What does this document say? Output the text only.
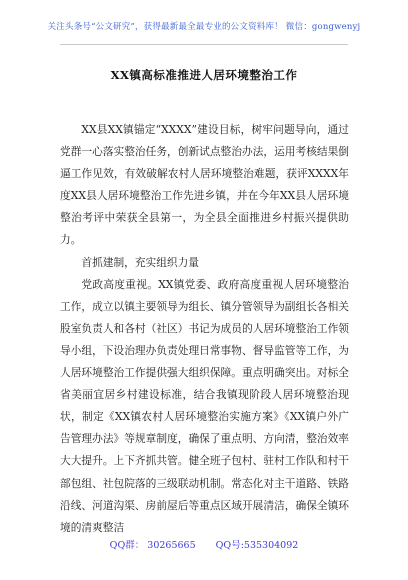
关注头条号“公文研究”，获得最新最全最专业的公文资料库！ 微信：gongwenyj
XX镇高标准推进人居环境整治工作

XX县XX镇锚定“XXXX”建设目标，树牢问题导向，通过党群一心落实整治任务，创新试点整治办法，运用考核结果倒逼工作见效，有效破解农村人居环境整治难题，获评XXXX年度XX县人居环境整治工作先进乡镇，并在今年XX县人居环境整治考评中荣获全县第一，为全县全面推进乡村振兴提供助力。

首抓建制，充实组织力量

党政高度重视。XX镇党委、政府高度重视人居环境整治工作，成立以镇主要领导为组长、镇分管领导为副组长各相关股室负责人和各村（社区）书记为成员的人居环境整治工作领导小组，下设治理办负责处理日常事物、督导监管等工作，为人居环境整治工作提供强大组织保障。重点明确突出。对标全省美丽宜居乡村建设标准，结合我镇现阶段人居环境整治现状，制定《XX镇农村人居环境整治实施方案》《XX镇户外广告管理办法》等规章制度，确保了重点明、方向清，整治效率大大提升。上下齐抓共管。健全班子包村、驻村工作队和村干部包组、社包院落的三级联动机制。常态化对主干道路、铁路沿线、河道沟渠、房前屋后等重点区域开展清洁，确保全镇环境的清爽整洁

QQ群： 30265665 QQ号:535304092
